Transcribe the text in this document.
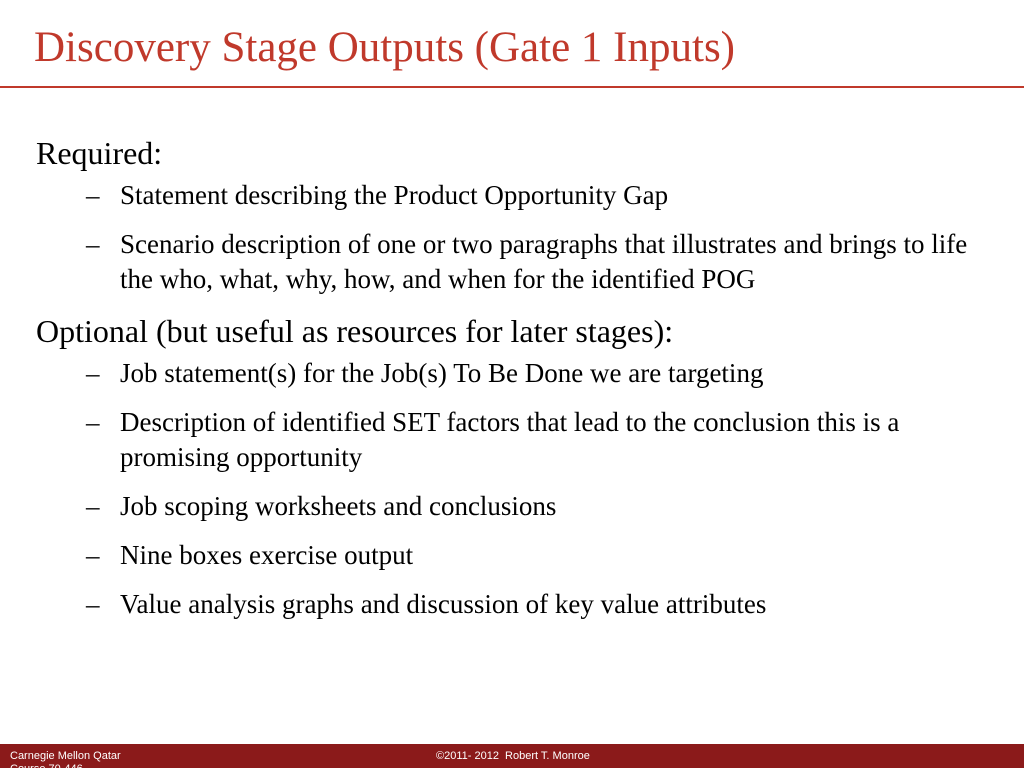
Discovery Stage Outputs (Gate 1 Inputs)

Required:

– Statement describing the Product Opportunity Gap
– Scenario description of one or two paragraphs that illustrates and brings to life the who, what, why, how, and when for the identified POG

Optional (but useful as resources for later stages):

– Job statement(s) for the Job(s) To Be Done we are targeting
– Description of identified SET factors that lead to the conclusion this is a promising opportunity
– Job scoping worksheets and conclusions
– Nine boxes exercise output
– Value analysis graphs and discussion of key value attributes
Carnegie Mellon Qatar
Course 70-446
©2011- 2012  Robert T. Monroe
